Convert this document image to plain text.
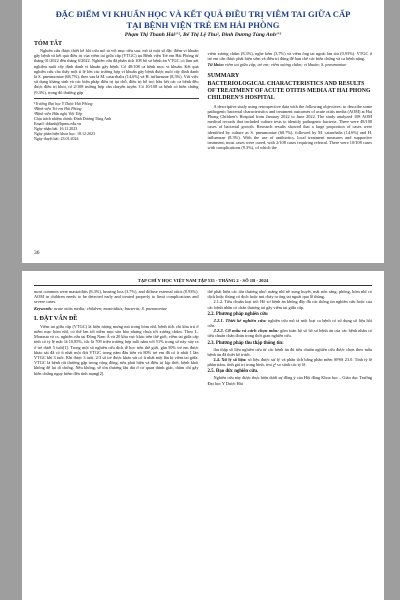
ĐẶC ĐIỂM VI KHUẨN HỌC VÀ KẾT QUẢ ĐIỀU TRỊ VIÊM TAI GIỮA CẤP
TẠI BỆNH VIỆN TRẺ EM HẢI PHÒNG
Phạm Thị Thanh Hải¹ʼ², Bế Thị Lệ Thu², Đinh Dương Tùng Anh¹ʼ³
TÓM TẮT
Nghiên cứu được thiết kế hồi cứu mô tả với mục tiêu sau: mô tả một số đặc điểm vi khuẩn gây bệnh và kết quả điều trị của viêm tai giữa cấp (VTGC) tại Bệnh viện Trẻ em Hải Phòng từ tháng 01/2022 đến tháng 6/2022. Nghiên cứu đã phân tích 108 hồ sơ bệnh án VTGC có làm xét nghiệm nuôi cấy định danh vi khuẩn gây bệnh. Có 48/108 ca bệnh mọc vi khuẩn. Kết quả nghiên cứu cho thấy một tỉ lệ lớn các trường hợp vi khuẩn gây bệnh được nuôi cấy định danh là S. pneumoniae (68,7%), theo sau là M. catarrhalis (14,6%) và H. influenzae (8,3%). Với việc sử dụng kháng sinh và các biện pháp điều trị tại chỗ, điều trị hỗ trợ; hầu hết các ca bệnh đều được điều trị khỏi, có 2/108 trường hợp cần chuyển tuyến. Có 10/108 ca bệnh có biến chứng (9,3%), trong đó thường gặp
¹Trường Đại học Y Dược Hải Phòng
²Bệnh viện Trẻ em Hải Phòng
³Bệnh viện Hữu nghị Việt Tiệp
Chịu trách nhiệm chính: Đinh Dương Tùng Anh
Email: ddtanh@hpmu.edu.vn
Ngày nhận bài: 16.11.2023
Ngày phản biện khoa học: 18.12.2023
Ngày duyệt bài: 23.01.2024
viêm xương chũm (8,3%), nghe kém (3,7%) và viêm ống tai ngoài lan tỏa (0,93%). VTGC ở trẻ em cần được phát hiện sớm và điều trị đúng để hạn chế các biến chứng và ca bệnh nặng.
Từ khóa: viêm tai giữa cấp; trẻ em; viêm xương chũm; vi khuẩn; S. pneumoniae
SUMMARY
BACTERIOLOGICAL CHARACTERISTICS AND RESULTS OF TREATMENT OF ACUTE OTITIS MEDIA AT HAI PHONG CHILDREN'S HOSPITAL
A descriptive study using retrospective data with the following objectives: to describe some pathogenic bacterial characteristics and treatment outcomes of acute otitis media (AOM) at Hai Phong Children's Hospital from January 2022 to June 2022. The study analyzed 108 AOM medical records that included culture tests to identify pathogenic bacteria. There were 48/108 cases of bacterial growth. Research results showed that a large proportion of cases were identified by culture as S. pneumoniae (68.7%), followed by M. catarrhalis (14.6%) and H. influenzae (8.3%). With the use of antibiotics, local treatment measures and supportive treatment; most cases were cured, with 2/108 cases requiring referral. There were 10/108 cases with complications (9.3%), of which the
36
TẠP CHÍ Y HỌC VIỆT NAM TẬP 535 - THÁNG 2 - SỐ 1B - 2024
most common were mastoiditis (8.3%), hearing loss (3.7%), and diffuse external otitis (0.93%). AOM in children needs to be detected early and treated properly to limit complications and severe cases.
Keywords: acute otitis media; children; mastoiditis; bacteria; S. pneumoniae
I. ĐẶT VẤN ĐỀ
Viêm tai giữa cấp (VTGC) là hiện tượng mưng mủ trong hòm nhĩ, bệnh tích chỉ khu trú ở niêm mạc hòm nhĩ, có thể lan tới niêm mạc sào bào nhưng chưa tới xương chũm. Theo L. Monasta và cs. nghiên cứu tại Đông Nam Á và 20 khu vực khác trên thế giới, viêm tai giữa cấp tính có tỷ lệ mắc là 10,85%, tức là 709 triệu trường hợp mỗi năm với 51% trong số này xảy ra ở trẻ dưới 5 tuổi[1]. Trong một số nghiên cứu dịch tễ học trên thế giới, gần 50% trẻ em được khảo sát đã có ít nhất một đợt VTGC trong năm đầu tiên và 80% trẻ em đã có ít nhất 1 lần VTGC khi 3 tuổi. Khi được 3 tuổi, 2/3 số trẻ được khảo sát có ít nhất một lần bị viêm tai giữa. VTGC là bệnh rất thường gặp trong cộng đồng, nếu phát hiện và điều trị kịp thời, bệnh khỏi không để lại di chứng. Nếu không, sẽ tồn thương lâu dài ở cơ quan thính giác, thậm chí gây biến chứng nguy hiểm đến tính mạng[2].
thể phát hiện các tổn thương như: màng nhĩ nề xung huyết, mất nón sáng, phồng, hòm nhĩ có dịch hoặc thủng có dịch hoặc mủ chảy ra ống tai ngoài qua lỗ thủng.
2.1.2. Tiêu chuẩn loại trừ: Hồ sơ bệnh án không đầy đủ các thông tin nghiên cứu hoặc của các bệnh nhân có chẩn thương tai gây viêm tai giữa cấp.
2.2. Phương pháp nghiên cứu
2.2.1. Thiết kế nghiên cứu: nghiên cứu mô tả một loạt ca bệnh có sử dụng số liệu hồi cứu.
2.2.2. Cỡ mẫu và cách chọn mẫu: gồm toàn bộ số hồ sơ bệnh án của các bệnh nhân có tiêu chuẩn chẩn đoán trong thời gian nghiên cứu.
2.3. Phương pháp thu thập thông tin:
thu thập số liệu nghiên cứu từ các bệnh án đủ tiêu chuẩn nghiên cứu được chọn theo mẫu bệnh án đã thiết kế trước.
2.4. Xử lý số liệu: số liệu được xử lý và phân tích bằng phần mềm SPSS 23.0. Tính tỷ lệ phần trăm, tính giá trị trung bình, test χ² so sánh các tỷ lệ.
2.5. Đạo đức nghiên cứu.
Nghiên cứu này được thực hiện dưới sự đồng ý của Hội đồng Khoa học – Giáo dục Trường Đại học Y Dược Hải
